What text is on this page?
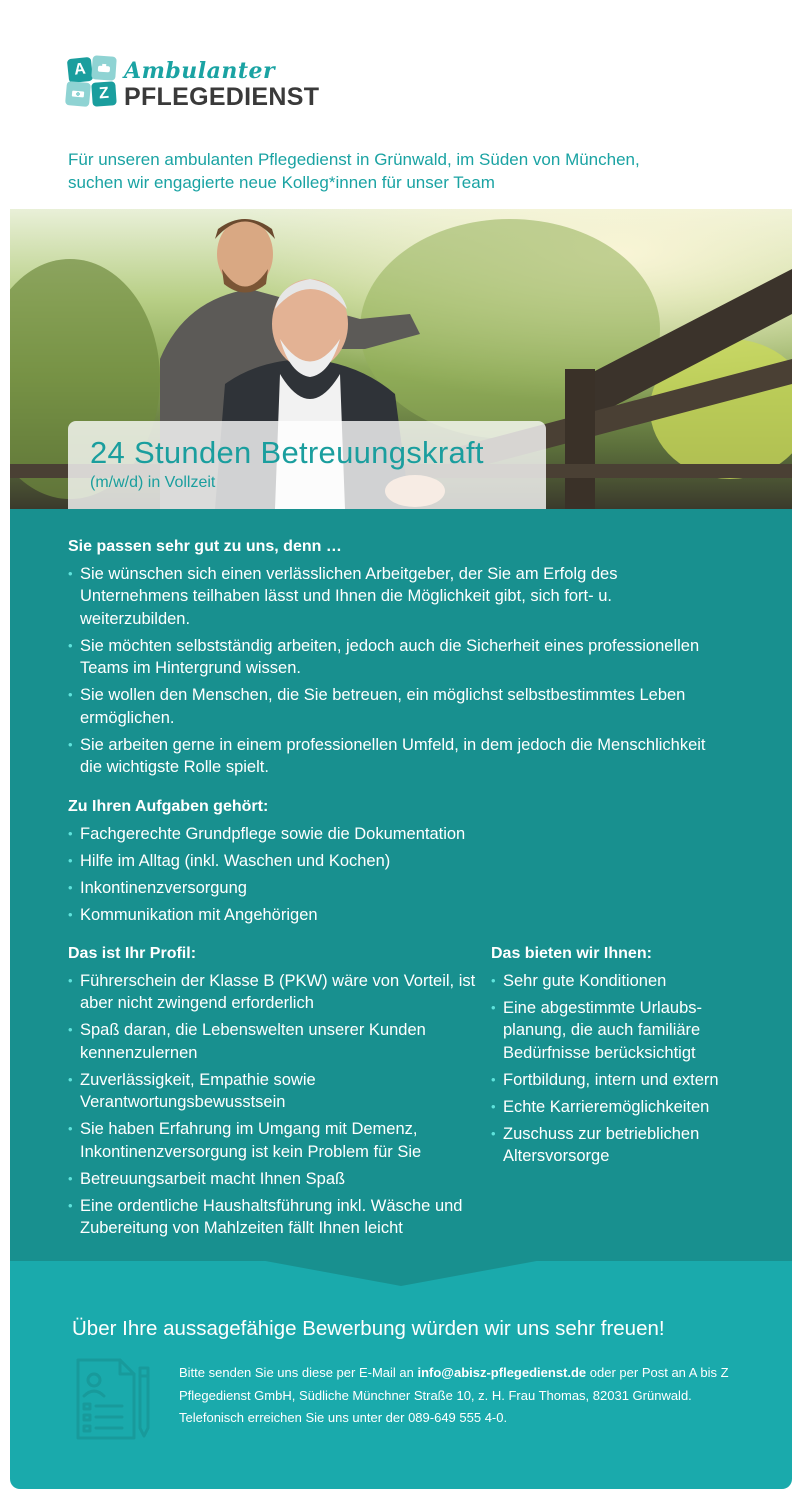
A
Z
Ambulanter
PFLEGEDIENST
Für unseren ambulanten Pflegedienst in Grünwald, im Süden von München,
suchen wir engagierte neue Kolleg*innen für unser Team
24 Stunden Betreuungskraft
(m/w/d) in Vollzeit
Sie passen sehr gut zu uns, denn …
• Sie wünschen sich einen verlässlichen Arbeitgeber, der Sie am Erfolg des Unternehmens teilhaben lässt und Ihnen die Möglichkeit gibt, sich fort- u. weiterzubilden.
• Sie möchten selbstständig arbeiten, jedoch auch die Sicherheit eines professionellen Teams im Hintergrund wissen.
• Sie wollen den Menschen, die Sie betreuen, ein möglichst selbstbestimmtes Leben ermöglichen.
• Sie arbeiten gerne in einem professionellen Umfeld, in dem jedoch die Menschlichkeit die wichtigste Rolle spielt.
Zu Ihren Aufgaben gehört:
• Fachgerechte Grundpflege sowie die Dokumentation
• Hilfe im Alltag (inkl. Waschen und Kochen)
• Inkontinenzversorgung
• Kommunikation mit Angehörigen
Das ist Ihr Profil:
• Führerschein der Klasse B (PKW) wäre von Vorteil, ist aber nicht zwingend erforderlich
• Spaß daran, die Lebenswelten unserer Kunden kennenzulernen
• Zuverlässigkeit, Empathie sowie Verantwortungsbewusstsein
• Sie haben Erfahrung im Umgang mit Demenz, Inkontinenzversorgung ist kein Problem für Sie
• Betreuungsarbeit macht Ihnen Spaß
• Eine ordentliche Haushaltsführung inkl. Wäsche und Zubereitung von Mahlzeiten fällt Ihnen leicht
Das bieten wir Ihnen:
• Sehr gute Konditionen
• Eine abgestimmte Urlaubs-planung, die auch familiäre Bedürfnisse berücksichtigt
• Fortbildung, intern und extern
• Echte Karrieremöglichkeiten
• Zuschuss zur betrieblichen Altersvorsorge
Über Ihre aussagefähige Bewerbung würden wir uns sehr freuen!
Bitte senden Sie uns diese per E-Mail an info@abisz-pflegedienst.de oder per Post an A bis Z Pflegedienst GmbH, Südliche Münchner Straße 10, z. H. Frau Thomas, 82031 Grünwald. Telefonisch erreichen Sie uns unter der 089-649 555 4-0.
